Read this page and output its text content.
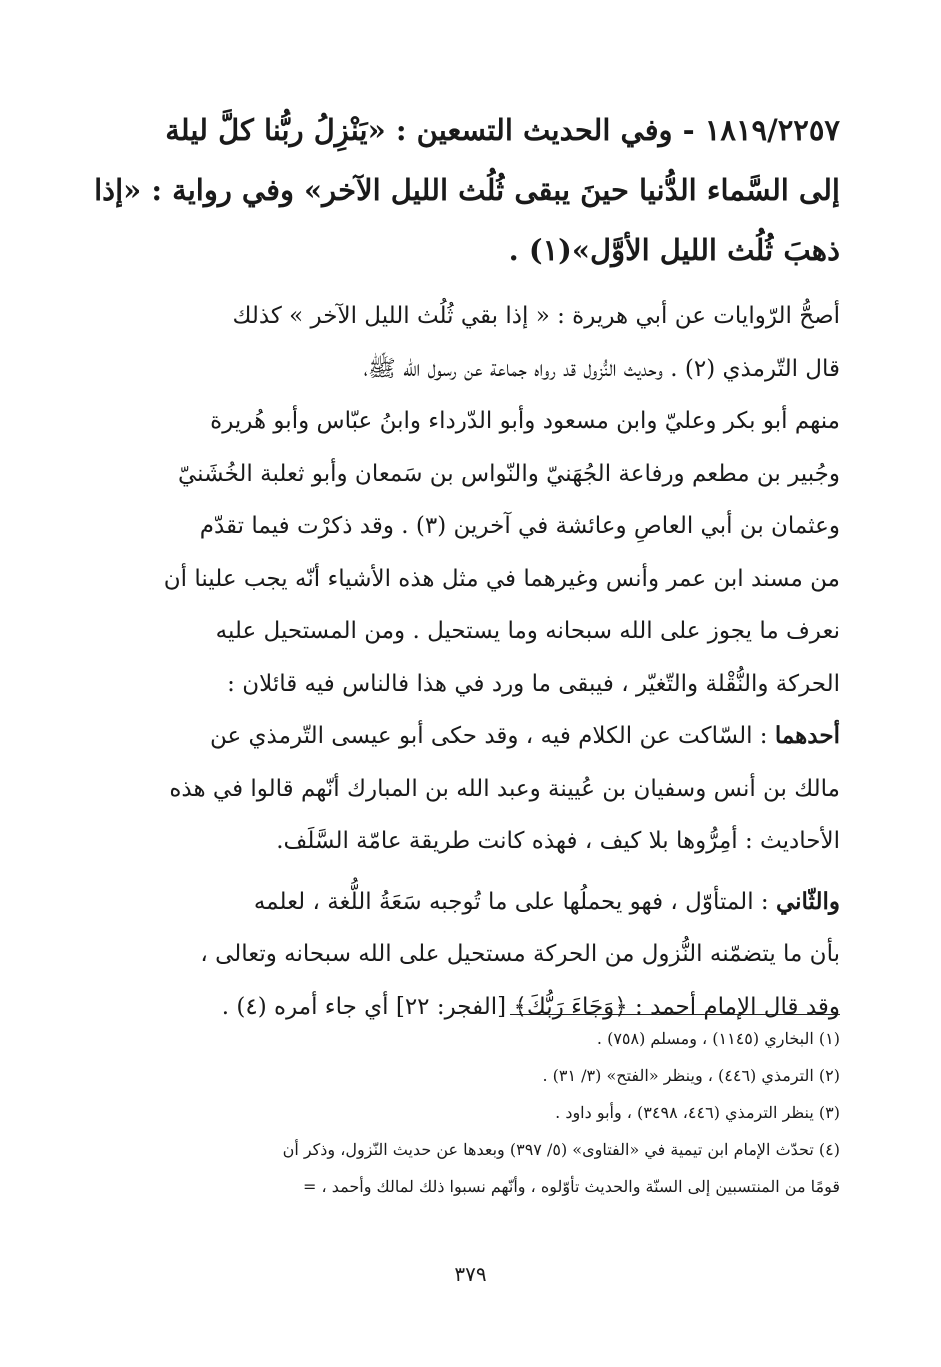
١٨١٩/٢٢٥٧ - وفي الحديث التسعين : «يَنْزِلُ ربُّنا كلَّ ليلة
إلى السَّماء الدُّنيا حينَ يبقى ثُلُث الليل الآخر» وفي رواية : «إذا
ذهبَ ثُلُث الليل الأوَّل»(١) .
أصحُّ الرّوايات عن أبي هريرة : « إذا بقي ثُلُث الليل الآخر » كذلك
قال التّرمذي (٢) . وحديث النُّزول قد رواه جماعة عن رسول الله ﷺ،
منهم أبو بكر وعليّ وابن مسعود وأبو الدّرداء وابنُ عبّاس وأبو هُريرة
وجُبير بن مطعم ورفاعة الجُهَنيّ والنّواس بن سَمعان وأبو ثعلبة الخُشَنيّ
وعثمان بن أبي العاصِ وعائشة في آخرين (٣) . وقد ذكرْت فيما تقدّم
من مسند ابن عمر وأنس وغيرهما في مثل هذه الأشياء أنّه يجب علينا أن
نعرف ما يجوز على الله سبحانه وما يستحيل . ومن المستحيل عليه
الحركة والنُّقْلة والتّغيّر ، فيبقى ما ورد في هذا فالناس فيه قائلان :
أحدهما : السّاكت عن الكلام فيه ، وقد حكى أبو عيسى التّرمذي عن
مالك بن أنس وسفيان بن عُيينة وعبد الله بن المبارك أنّهم قالوا في هذه
الأحاديث : أمِرُّوها بلا كيف ، فهذه كانت طريقة عامّة السَّلَف.
والثّاني : المتأوّل ، فهو يحملُها على ما تُوجبه سَعَةُ اللُّغة ، لعلمه
بأن ما يتضمّنه النُّزول من الحركة مستحيل على الله سبحانه وتعالى ،
وقد قال الإمام أحمد : ﴿وَجَاءَ رَبُّكَ﴾ [الفجر: ٢٢] أي جاء أمره (٤) .
(١) البخاري (١١٤٥) ، ومسلم (٧٥٨) .
(٢) الترمذي (٤٤٦) ، وينظر «الفتح» (٣/ ٣١) .
(٣) ينظر الترمذي (٤٤٦، ٣٤٩٨) ، وأبو داود .
(٤) تحدّث الإمام ابن تيمية في «الفتاوى» (٥/ ٣٩٧) وبعدها عن حديث النّزول، وذكر أن
قومًا من المنتسبين إلى السنّة والحديث تأوّلوه ، وأنّهم نسبوا ذلك لمالك وأحمد ، =
٣٧٩
